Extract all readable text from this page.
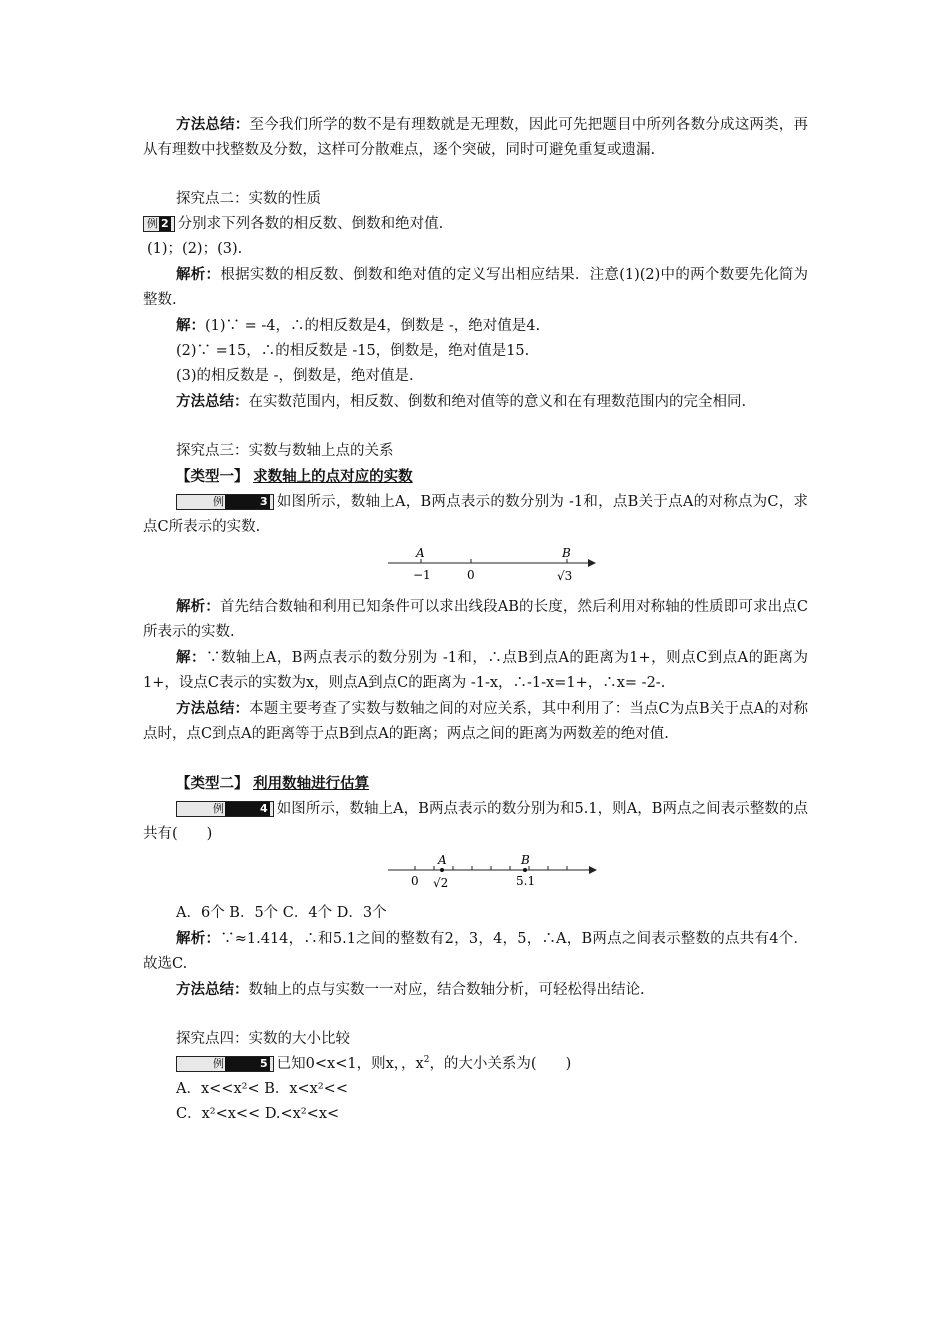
方法总结：至今我们所学的数不是有理数就是无理数，因此可先把题目中所列各数分成这两类，再从有理数中找整数及分数，这样可分散难点，逐个突破，同时可避免重复或遗漏.

探究点二：实数的性质

例 2 分别求下列各数的相反数、倒数和绝对值.

(1)；(2)；(3).

解析：根据实数的相反数、倒数和绝对值的定义写出相应结果．注意(1)(2)中的两个数要先化简为整数.

解：(1)∵ = -4，∴的相反数是4，倒数是 -，绝对值是4.

(2)∵ =15，∴的相反数是 -15，倒数是，绝对值是15.

(3)的相反数是 -，倒数是，绝对值是.

方法总结：在实数范围内，相反数、倒数和绝对值等的意义和在有理数范围内的完全相同.

探究点三：实数与数轴上点的关系

【类型一】 求数轴上的点对应的实数

例	3 如图所示，数轴上A，B两点表示的数分别为 -1和，点B关于点A的对称点为C，求点C所表示的实数.

A	B
−1	0	√3

解析：首先结合数轴和利用已知条件可以求出线段AB的长度，然后利用对称轴的性质即可求出点C所表示的实数.

解：∵数轴上A，B两点表示的数分别为 -1和，∴点B到点A的距离为1+，则点C到点A的距离为1+，设点C表示的实数为x，则点A到点C的距离为 -1-x，∴-1-x=1+，∴x= -2-.

方法总结：本题主要考查了实数与数轴之间的对应关系，其中利用了：当点C为点B关于点A的对称点时，点C到点A的距离等于点B到点A的距离；两点之间的距离为两数差的绝对值.

【类型二】 利用数轴进行估算

例	4 如图所示，数轴上A，B两点表示的数分别为和5.1，则A，B两点之间表示整数的点共有(　　)

A	B
0 √2	5.1

A．6个 B．5个 C．4个 D．3个

解析：∵≈1.414，∴和5.1之间的整数有2，3，4，5，∴A，B两点之间表示整数的点共有4个．故选C.

方法总结：数轴上的点与实数一一对应，结合数轴分析，可轻松得出结论.

探究点四：实数的大小比较

例	5 已知0<x<1，则x，，$x^2$，的大小关系为(　　)

A．x<<x²< B．x<x²<<

C．x²<x<< D.<x²<x<
